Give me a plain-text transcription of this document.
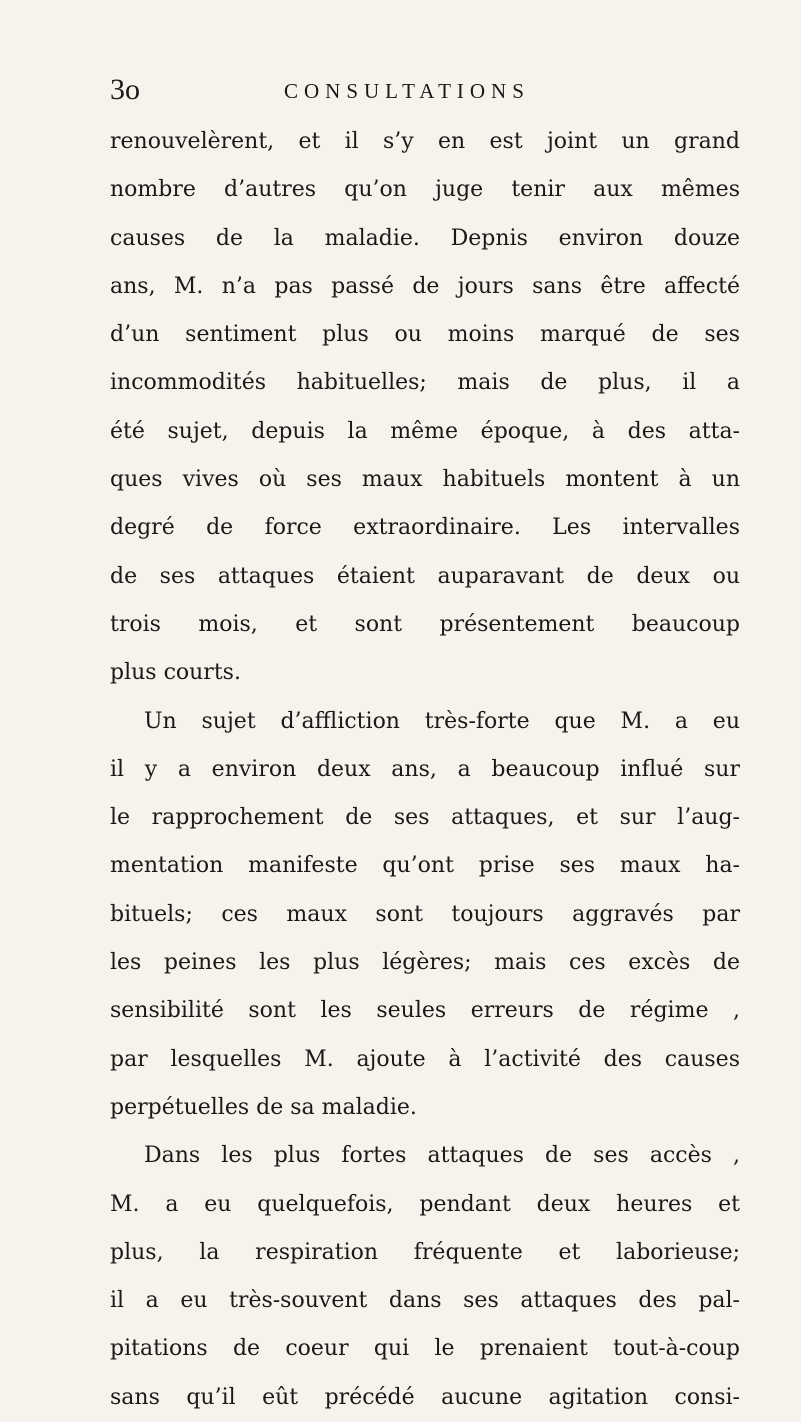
3o	CONSULTATIONS
renouvelèrent, et il s’y en est joint un grand
nombre d’autres qu’on juge tenir aux mêmes
causes de la maladie. Depnis environ douze
ans, M. n’a pas passé de jours sans être affecté
d’un sentiment plus ou moins marqué de ses
incommodités habituelles; mais de plus, il a
été sujet, depuis la même époque, à des atta-
ques vives où ses maux habituels montent à un
degré de force extraordinaire. Les intervalles
de ses attaques étaient auparavant de deux ou
trois mois, et sont présentement beaucoup
plus courts.
Un sujet d’affliction très-forte que M. a eu
il y a environ deux ans, a beaucoup influé sur
le rapprochement de ses attaques, et sur l’aug-
mentation manifeste qu’ont prise ses maux ha-
bituels; ces maux sont toujours aggravés par
les peines les plus légères; mais ces excès de
sensibilité sont les seules erreurs de régime ,
par lesquelles M. ajoute à l’activité des causes
perpétuelles de sa maladie.
Dans les plus fortes attaques de ses accès ,
M. a eu quelquefois, pendant deux heures et
plus, la respiration fréquente et laborieuse;
il a eu très-souvent dans ses attaques des pal-
pitations de coeur qui le prenaient tout-à-coup
sans qu’il eût précédé aucune agitation consi-
